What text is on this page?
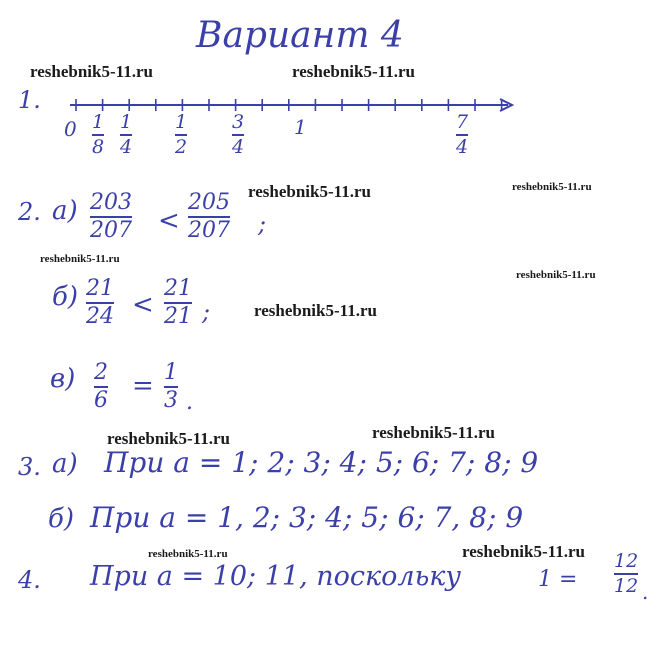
Вариант 4
reshebnik5-11.ru	reshebnik5-11.ru
reshebnik5-11.ru	reshebnik5-11.ru
reshebnik5-11.ru
reshebnik5-11.ru
reshebnik5-11.ru
reshebnik5-11.ru	reshebnik5-11.ru
reshebnik5-11.ru	reshebnik5-11.ru
1.
0	1
1
8
1
4
1
2
3
4
7
4
2. а) 203
207 <
205
207 ;
б) 21
24 <
21
21 ;
в) 2
6 = 1
3 .
3. а) При a = 1; 2; 3; 4; 5; 6; 7; 8; 9
б) При a = 1, 2; 3; 4; 5; 6; 7, 8; 9
4. При a = 10; 11, поскольку	1 =
12
12 .
